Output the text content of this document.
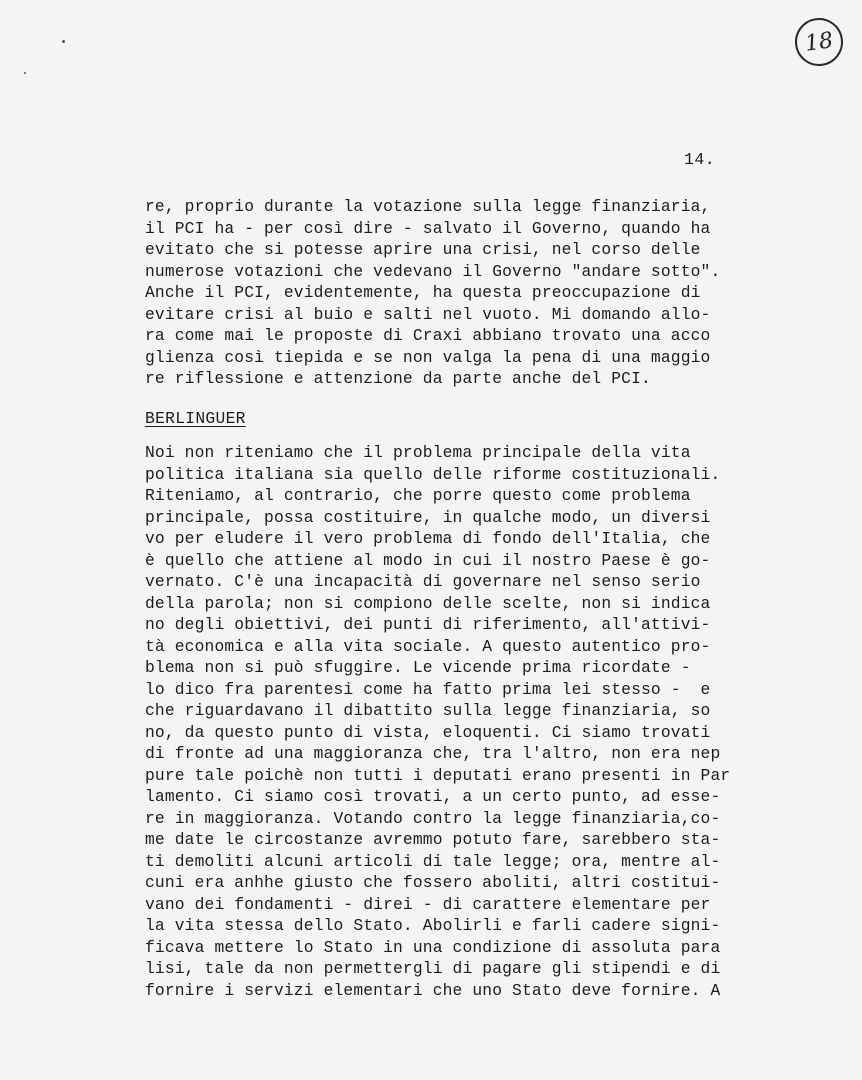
18
14.
re, proprio durante la votazione sulla legge finanziaria,
il PCI ha - per così dire - salvato il Governo, quando ha
evitato che si potesse aprire una crisi, nel corso delle
numerose votazioni che vedevano il Governo "andare sotto".
Anche il PCI, evidentemente, ha questa preoccupazione di
evitare crisi al buio e salti nel vuoto. Mi domando allo-
ra come mai le proposte di Craxi abbiano trovato una acco
glienza così tiepida e se non valga la pena di una maggio
re riflessione e attenzione da parte anche del PCI.
BERLINGUER
Noi non riteniamo che il problema principale della vita
politica italiana sia quello delle riforme costituzionali.
Riteniamo, al contrario, che porre questo come problema
principale, possa costituire, in qualche modo, un diversi
vo per eludere il vero problema di fondo dell'Italia, che
è quello che attiene al modo in cui il nostro Paese è go-
vernato. C'è una incapacità di governare nel senso serio
della parola; non si compiono delle scelte, non si indica
no degli obiettivi, dei punti di riferimento, all'attivi-
tà economica e alla vita sociale. A questo autentico pro-
blema non si può sfuggire. Le vicende prima ricordate -
lo dico fra parentesi come ha fatto prima lei stesso -  e
che riguardavano il dibattito sulla legge finanziaria, so
no, da questo punto di vista, eloquenti. Ci siamo trovati
di fronte ad una maggioranza che, tra l'altro, non era nep
pure tale poichè non tutti i deputati erano presenti in Par
lamento. Ci siamo così trovati, a un certo punto, ad esse-
re in maggioranza. Votando contro la legge finanziaria,co-
me date le circostanze avremmo potuto fare, sarebbero sta-
ti demoliti alcuni articoli di tale legge; ora, mentre al-
cuni era anhhe giusto che fossero aboliti, altri costitui-
vano dei fondamenti - direi - di carattere elementare per
la vita stessa dello Stato. Abolirli e farli cadere signi-
ficava mettere lo Stato in una condizione di assoluta para
lisi, tale da non permettergli di pagare gli stipendi e di
fornire i servizi elementari che uno Stato deve fornire. A
